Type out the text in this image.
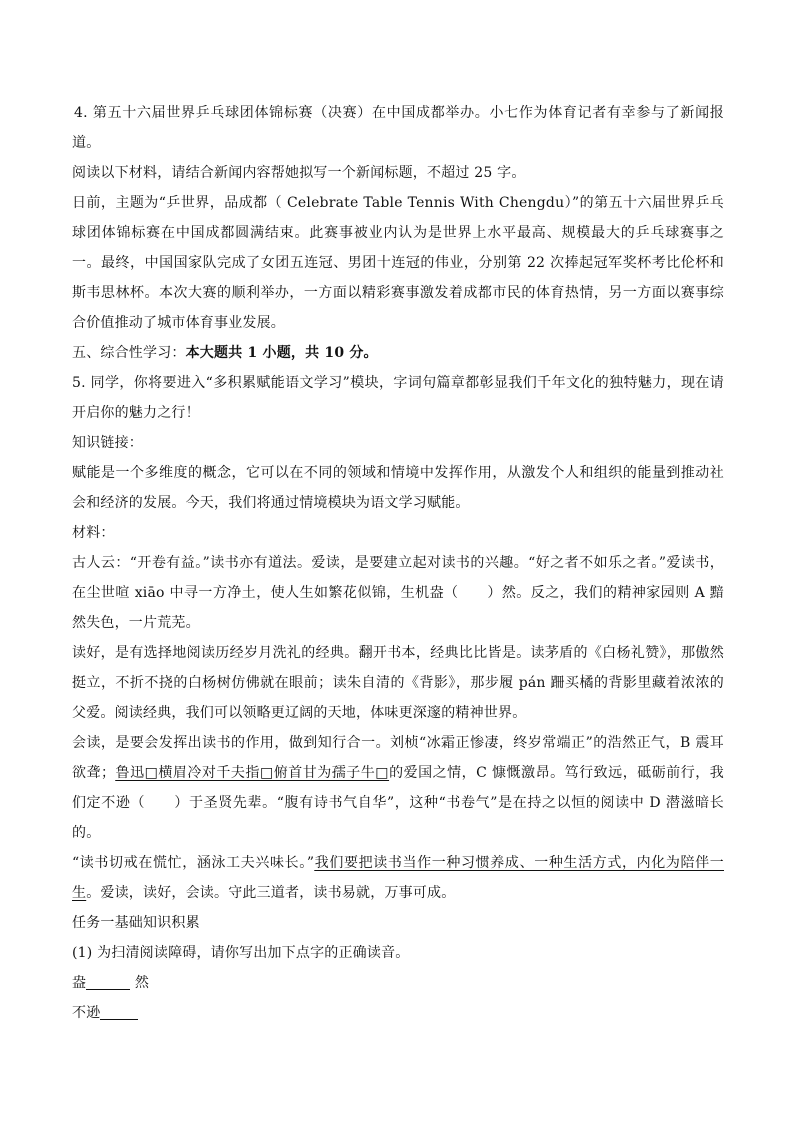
4. 第五十六届世界乒乓球团体锦标赛（决赛）在中国成都举办。小七作为体育记者有幸参与了新闻报道。

阅读以下材料，请结合新闻内容帮她拟写一个新闻标题，不超过 25 字。

日前，主题为“乒世界，品成都（ Celebrate Table Tennis With Chengdu）”的第五十六届世界乒乓球团体锦标赛在中国成都圆满结束。此赛事被业内认为是世界上水平最高、规模最大的乒乓球赛事之一。最终，中国国家队完成了女团五连冠、男团十连冠的伟业，分别第 22 次捧起冠军奖杯考比伦杯和斯韦思林杯。本次大赛的顺利举办，一方面以精彩赛事激发着成都市民的体育热情，另一方面以赛事综合价值推动了城市体育事业发展。

五、综合性学习：本大题共 1 小题，共 10 分。

5. 同学，你将要进入“多积累赋能语文学习”模块，字词句篇章都彰显我们千年文化的独特魅力，现在请开启你的魅力之行！

知识链接：

赋能是一个多维度的概念，它可以在不同的领域和情境中发挥作用，从激发个人和组织的能量到推动社会和经济的发展。今天，我们将通过情境模块为语文学习赋能。

材料：

古人云：“开卷有益。”读书亦有道法。爱读，是要建立起对读书的兴趣。“好之者不如乐之者。”爱读书，在尘世喧 xiāo 中寻一方净土，使人生如繁花似锦，生机盎（　　）然。反之，我们的精神家园则 A 黯然失色，一片荒芜。

读好，是有选择地阅读历经岁月洗礼的经典。翻开书本，经典比比皆是。读茅盾的《白杨礼赞》，那傲然挺立，不折不挠的白杨树仿佛就在眼前；读朱自清的《背影》，那步履 pán 跚买橘的背影里藏着浓浓的父爱。阅读经典，我们可以领略更辽阔的天地，体味更深邃的精神世界。

会读，是要会发挥出读书的作用，做到知行合一。刘桢“冰霜正惨凄，终岁常端正”的浩然正气，B 震耳欲聋；鲁迅□横眉冷对千夫指□俯首甘为孺子牛□的爱国之情，C 慷慨激昂。笃行致远，砥砺前行，我们定不逊（　　）于圣贤先辈。“腹有诗书气自华”，这种“书卷气”是在持之以恒的阅读中 D 潜滋暗长的。

“读书切戒在慌忙，涵泳工夫兴味长。”我们要把读书当作一种习惯养成、一种生活方式，内化为陪伴一生。爱读，读好，会读。守此三道者，读书易就，万事可成。

任务一基础知识积累

(1) 为扫清阅读障碍，请你写出加下点字的正确读音。

盎	然

不逊
